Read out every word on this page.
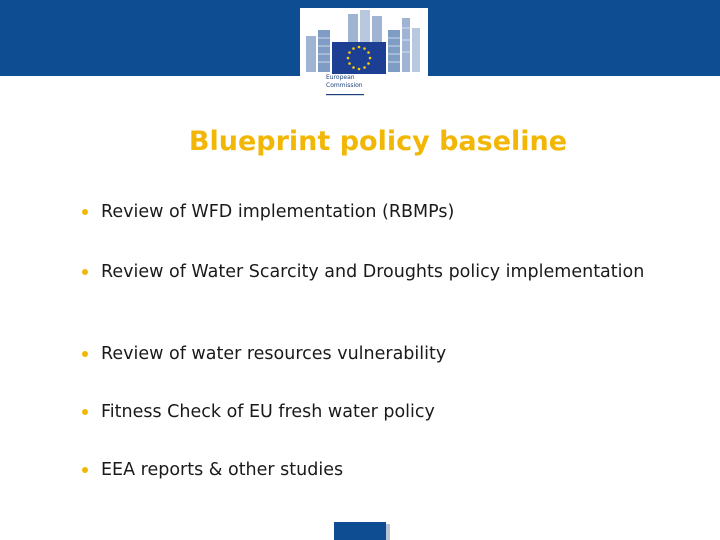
European
Commission
Blueprint policy baseline
Review of WFD implementation (RBMPs)
Review of Water Scarcity and Droughts policy implementation
Review of water resources vulnerability
Fitness Check of EU fresh water policy
EEA reports & other studies
